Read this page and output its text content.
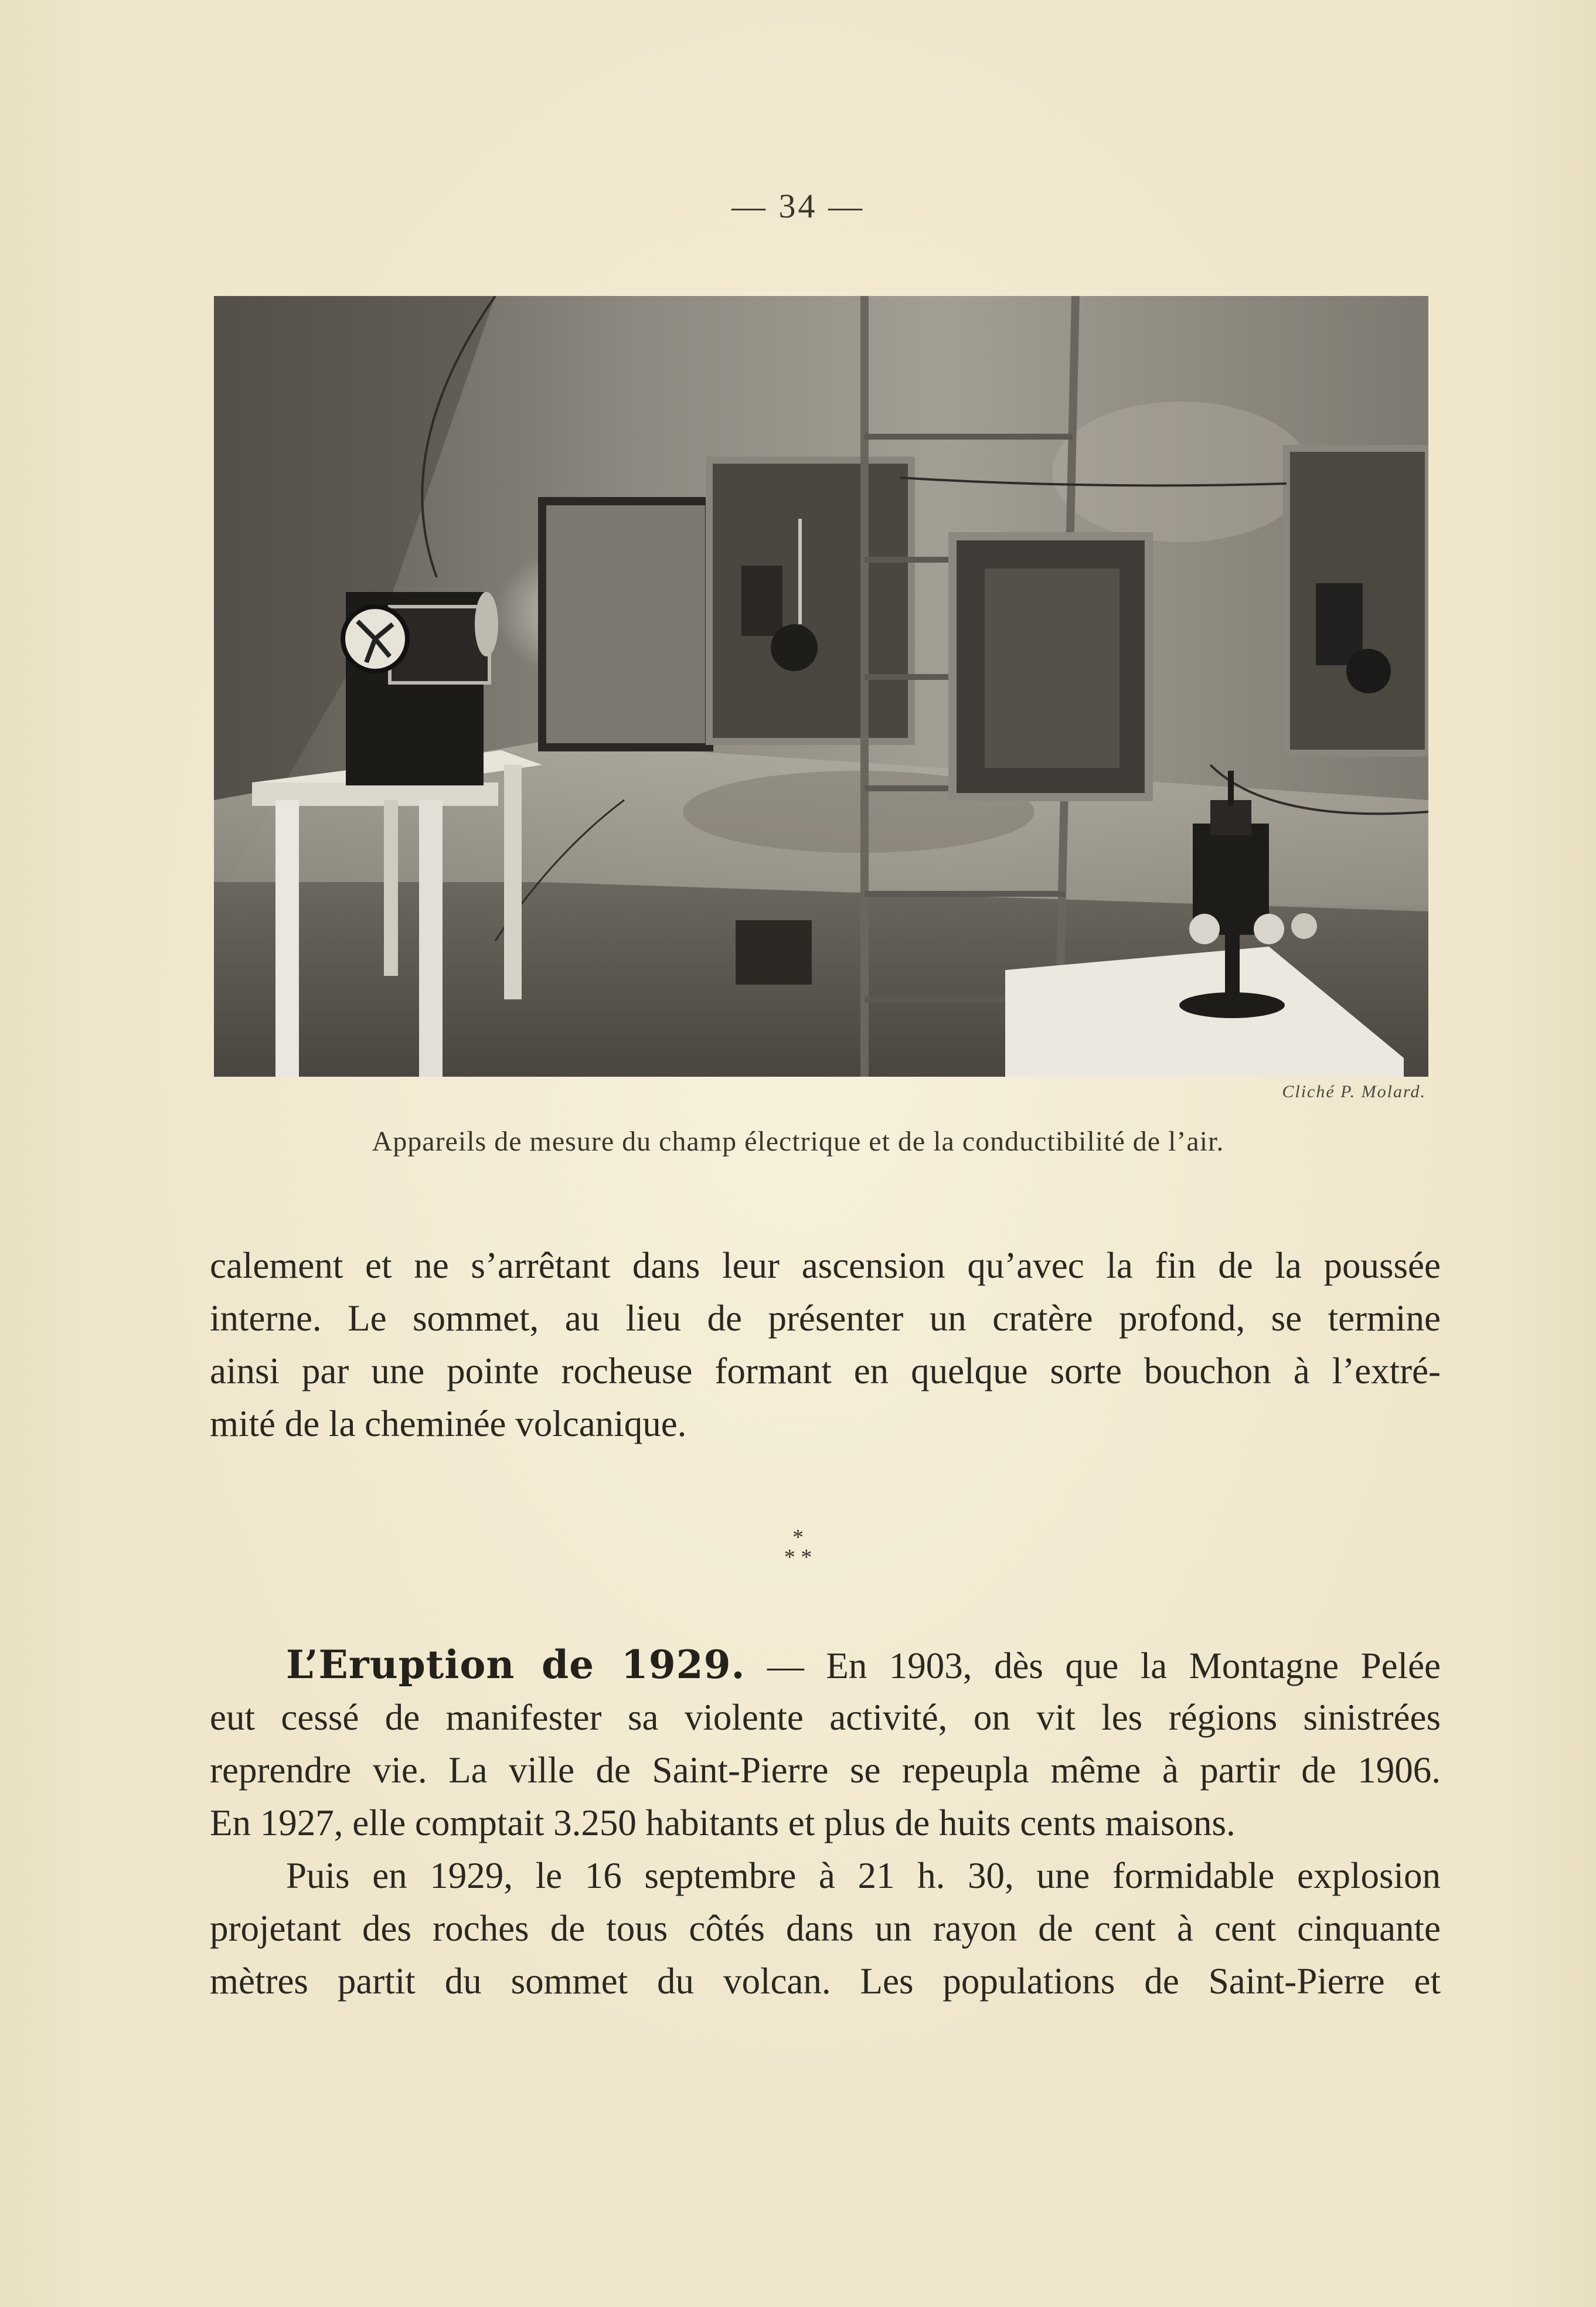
— 34 —
Cliché P. Molard.
Appareils de mesure du champ électrique et de la conductibilité de l’air.
calement et ne s’arrêtant dans leur ascension qu’avec la fin de la poussée
interne. Le sommet, au lieu de présenter un cratère profond, se termine
ainsi par une pointe rocheuse formant en quelque sorte bouchon à l’extré-
mité de la cheminée volcanique.
*
* *
L’Eruption de 1929. — En 1903, dès que la Montagne Pelée
eut cessé de manifester sa violente activité, on vit les régions sinistrées
reprendre vie. La ville de Saint-Pierre se repeupla même à partir de 1906.
En 1927, elle comptait 3.250 habitants et plus de huits cents maisons.
Puis en 1929, le 16 septembre à 21 h. 30, une formidable explosion
projetant des roches de tous côtés dans un rayon de cent à cent cinquante
mètres partit du sommet du volcan. Les populations de Saint-Pierre et
